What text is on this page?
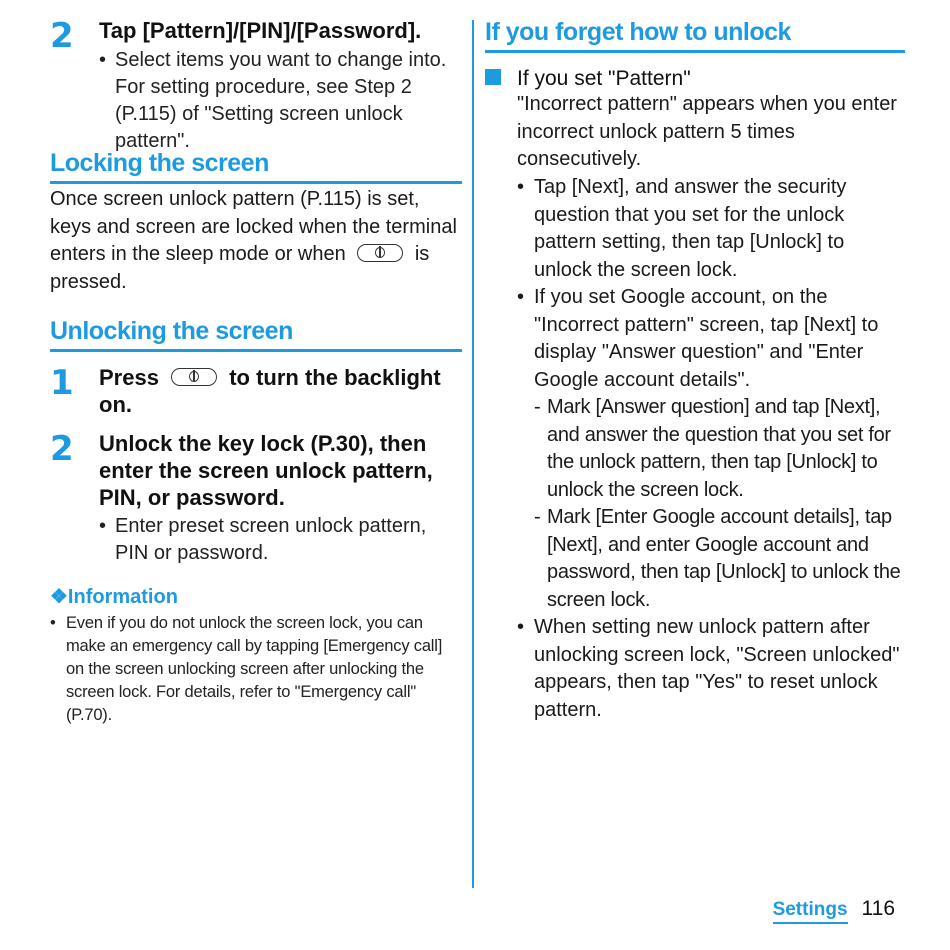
2 Tap [Pattern]/[PIN]/[Password].
• Select items you want to change into. For setting procedure, see Step 2 (P.115) of "Setting screen unlock pattern".
Locking the screen
Once screen unlock pattern (P.115) is set, keys and screen are locked when the terminal enters in the sleep mode or when	is pressed.
Unlocking the screen
1 Press	to turn the backlight on.
2 Unlock the key lock (P.30), then enter the screen unlock pattern, PIN, or password.
• Enter preset screen unlock pattern, PIN or password.
❖Information
• Even if you do not unlock the screen lock, you can make an emergency call by tapping [Emergency call] on the screen unlocking screen after unlocking the screen lock. For details, refer to "Emergency call" (P.70).
If you forget how to unlock
If you set "Pattern"
"Incorrect pattern" appears when you enter incorrect unlock pattern 5 times consecutively.
• Tap [Next], and answer the security question that you set for the unlock pattern setting, then tap [Unlock] to unlock the screen lock.
• If you set Google account, on the "Incorrect pattern" screen, tap [Next] to display "Answer question" and "Enter Google account details".
- Mark [Answer question] and tap [Next], and answer the question that you set for the unlock pattern, then tap [Unlock] to unlock the screen lock.
- Mark [Enter Google account details], tap [Next], and enter Google account and password, then tap [Unlock] to unlock the screen lock.
• When setting new unlock pattern after unlocking screen lock, "Screen unlocked" appears, then tap "Yes" to reset unlock pattern.
Settings 116
